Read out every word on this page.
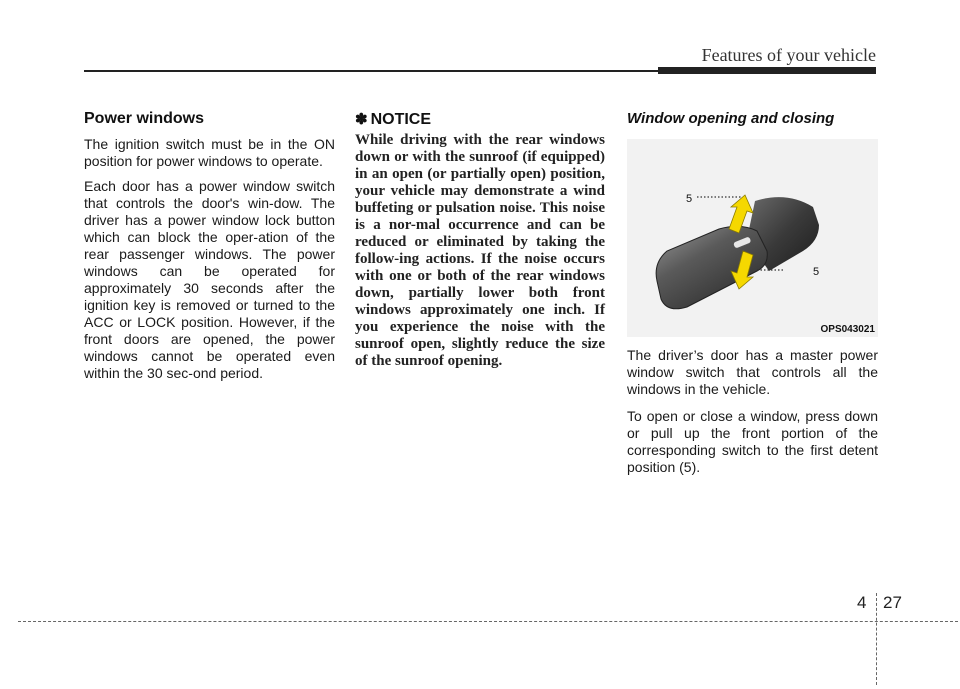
Features of your vehicle
Power windows

The ignition switch must be in the ON position for power windows to operate.

Each door has a power window switch that controls the door's win-dow. The driver has a power window lock button which can block the oper-ation of the rear passenger windows. The power windows can be operated for approximately 30 seconds after the ignition key is removed or turned to the ACC or LOCK position. However, if the front doors are opened, the power windows cannot be operated even within the 30 sec-ond period.

✽ NOTICE

While driving with the rear windows down or with the sunroof (if equipped) in an open (or partially open) position, your vehicle may demonstrate a wind buffeting or pulsation noise. This noise is a nor-mal occurrence and can be reduced or eliminated by taking the follow-ing actions. If the noise occurs with one or both of the rear windows down, partially lower both front windows approximately one inch. If you experience the noise with the sunroof open, slightly reduce the size of the sunroof opening.

Window opening and closing
5
5
OPS043021

The driver’s door has a master power window switch that controls all the windows in the vehicle.

To open or close a window, press down or pull up the front portion of the corresponding switch to the first detent position (5).

4 27
